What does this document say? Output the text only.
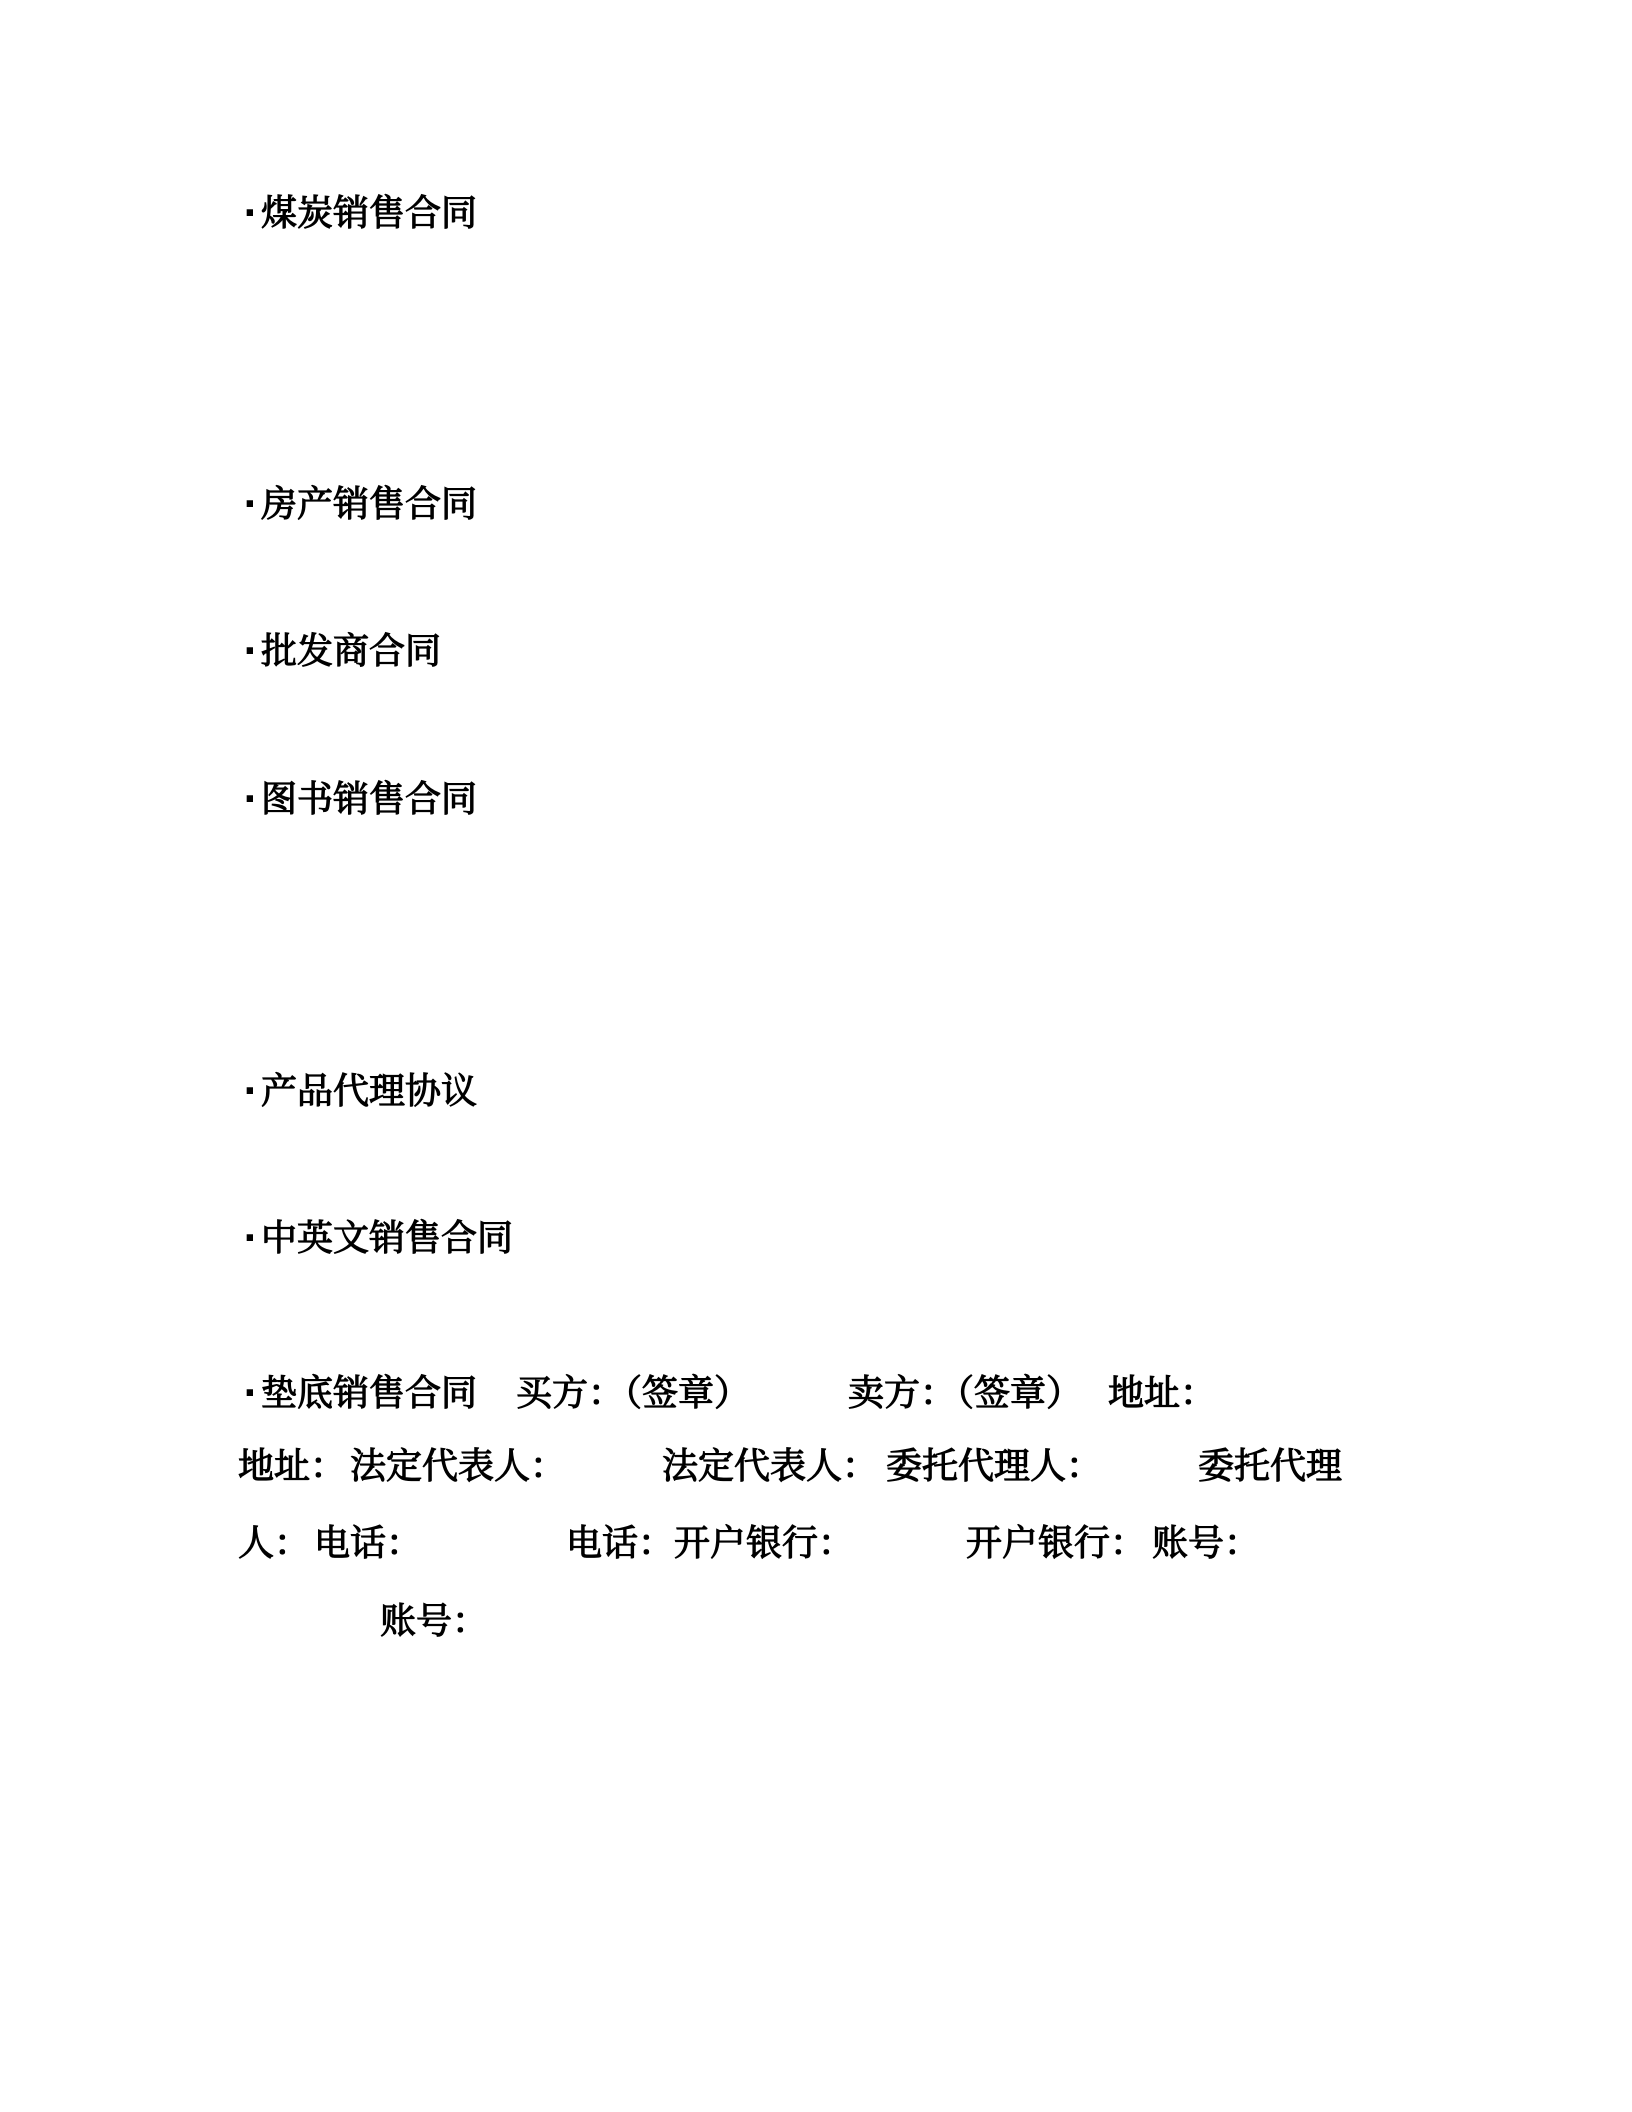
· 煤炭销售合同

· 房产销售合同

· 批发商合同

· 图书销售合同

· 产品代理协议

· 中英文销售合同

· 垫底销售合同 买方：（签章）	卖方：（签章） 地址：
地址： 法定代表人：	法定代表人： 委托代理人：	委托代理
人： 电话：	电话： 开户银行：	开户银行： 账号：
账号：
